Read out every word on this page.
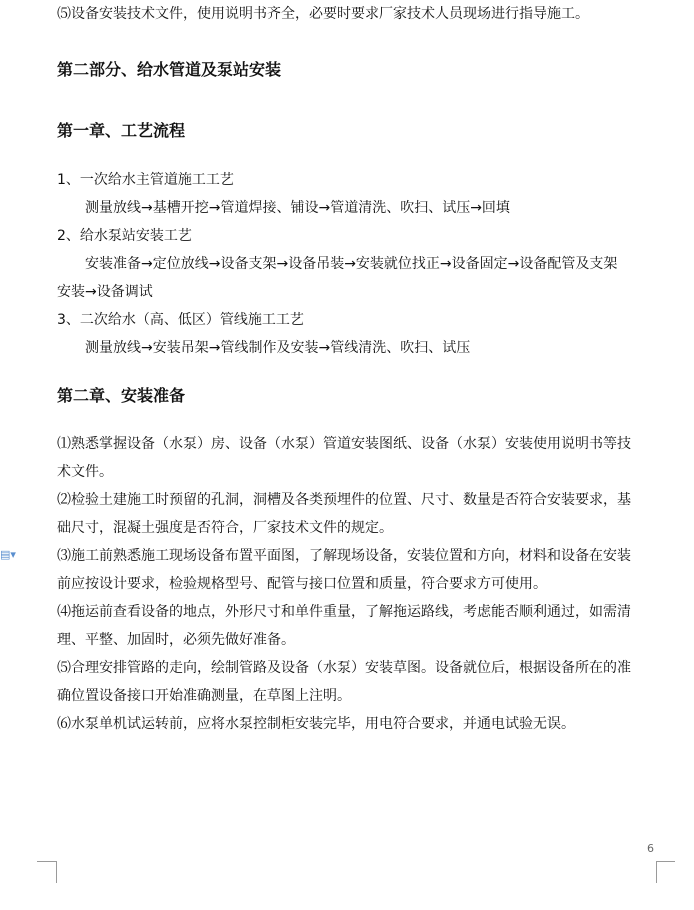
⑸设备安装技术文件，使用说明书齐全，必要时要求厂家技术人员现场进行指导施工。
第二部分、给水管道及泵站安装
第一章、工艺流程
1、一次给水主管道施工工艺
测量放线→基槽开挖→管道焊接、铺设→管道清洗、吹扫、试压→回填
2、给水泵站安装工艺
安装准备→定位放线→设备支架→设备吊装→安装就位找正→设备固定→设备配管及支架
安装→设备调试
3、二次给水（高、低区）管线施工工艺
测量放线→安装吊架→管线制作及安装→管线清洗、吹扫、试压
第二章、安装准备
⑴熟悉掌握设备（水泵）房、设备（水泵）管道安装图纸、设备（水泵）安装使用说明书等技
术文件。
⑵检验土建施工时预留的孔洞，洞槽及各类预埋件的位置、尺寸、数量是否符合安装要求，基
础尺寸，混凝土强度是否符合，厂家技术文件的规定。
⑶施工前熟悉施工现场设备布置平面图，了解现场设备，安装位置和方向，材料和设备在安装
前应按设计要求，检验规格型号、配管与接口位置和质量，符合要求方可使用。
⑷拖运前查看设备的地点，外形尺寸和单件重量，了解拖运路线，考虑能否顺利通过，如需清
理、平整、加固时，必须先做好准备。
⑸合理安排管路的走向，绘制管路及设备（水泵）安装草图。设备就位后，根据设备所在的准
确位置设备接口开始准确测量，在草图上注明。
⑹水泵单机试运转前，应将水泵控制柜安装完毕，用电符合要求，并通电试验无误。
▤▾
6
